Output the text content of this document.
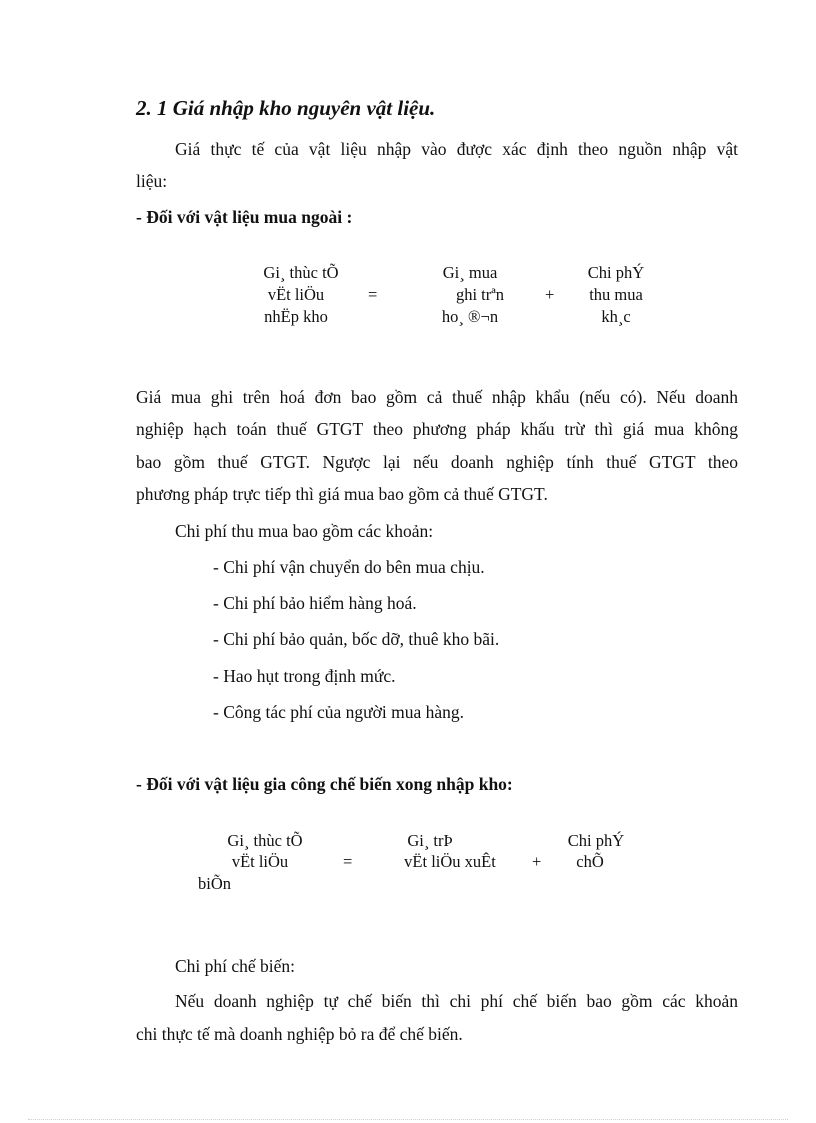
2. 1 Giá nhập kho nguyên vật liệu.
Giá thực tế của vật liệu nhập vào được xác định theo nguồn nhập vật
liệu:
- Đối với vật liệu mua ngoài :
Gi¸ thùc tÕ
vËt liÖu
nhËp kho
=
Gi¸ mua
ghi trªn
ho¸ ®¬n
+
Chi phÝ
thu mua
kh¸c
Giá mua ghi trên hoá đơn bao gồm cả thuế nhập khẩu (nếu có). Nếu doanh
nghiệp hạch toán thuế GTGT theo phương pháp khấu trừ thì giá mua không
bao gồm thuế GTGT. Ngược lại nếu doanh nghiệp tính thuế GTGT theo
phương pháp trực tiếp thì giá mua bao gồm cả thuế GTGT.
Chi phí thu mua bao gồm các khoản:
- Chi phí vận chuyển do bên mua chịu.
- Chi phí bảo hiểm hàng hoá.
- Chi phí bảo quản, bốc dỡ, thuê kho bãi.
- Hao hụt trong định mức.
- Công tác phí của người mua hàng.
- Đối với vật liệu gia công chế biến xong nhập kho:
Gi¸ thùc tÕ
vËt liÖu
biÕn
=
Gi¸ trÞ
vËt liÖu xuÊt	+
Chi phÝ
chÕ
Chi phí chế biến:
Nếu doanh nghiệp tự chế biến thì chi phí chế biến bao gồm các khoản
chi thực tế mà doanh nghiệp bỏ ra để chế biến.
